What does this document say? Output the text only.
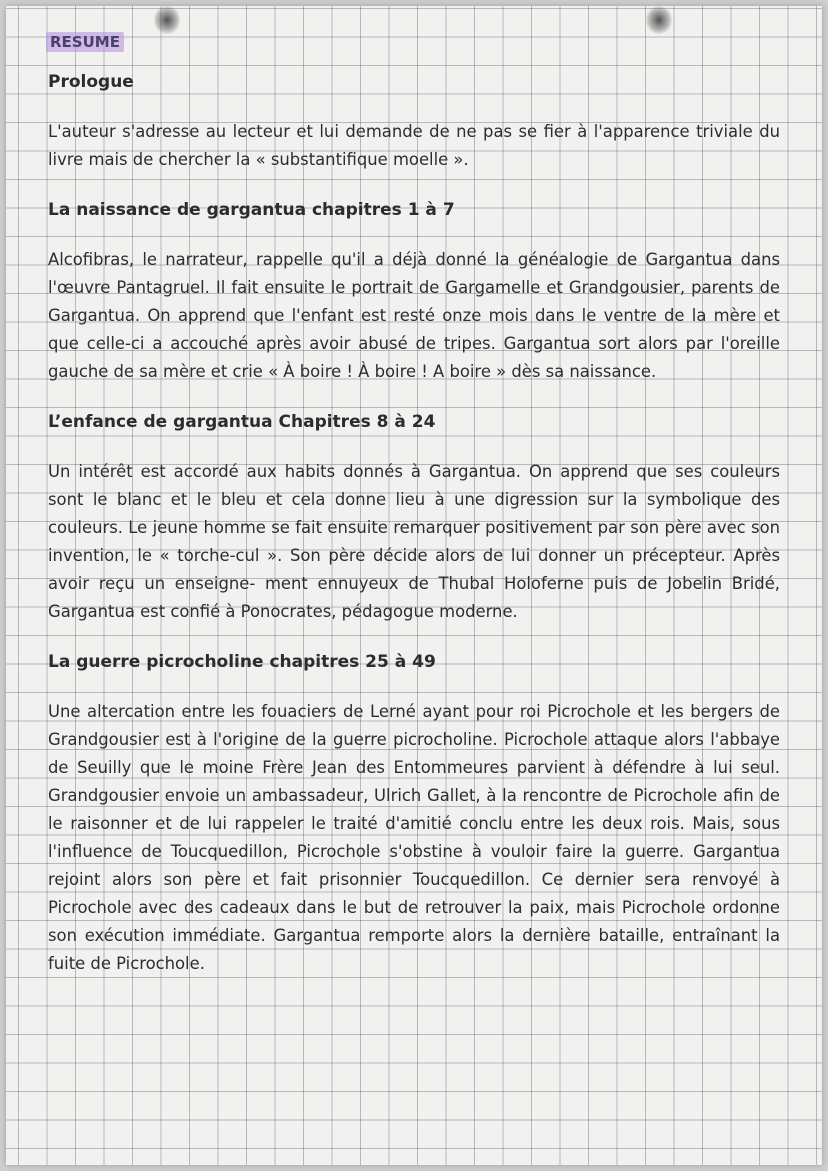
RESUME
Prologue

L'auteur s'adresse au lecteur et lui demande de ne pas se fier à l'apparence triviale du livre mais de chercher la « substantifique moelle ».

La naissance de gargantua chapitres 1 à 7

Alcofibras, le narrateur, rappelle qu'il a déjà donné la généalogie de Gargantua dans l'œuvre Pantagruel. Il fait ensuite le portrait de Gargamelle et Grandgousier, parents de Gargantua. On apprend que l'enfant est resté onze mois dans le ventre de la mère et que celle-ci a accouché après avoir abusé de tripes. Gargantua sort alors par l'oreille gauche de sa mère et crie « À boire ! À boire ! A boire » dès sa naissance.

L’enfance de gargantua Chapitres 8 à 24

Un intérêt est accordé aux habits donnés à Gargantua. On apprend que ses couleurs sont le blanc et le bleu et cela donne lieu à une digression sur la symbolique des couleurs. Le jeune homme se fait ensuite remarquer positivement par son père avec son invention, le « torche-cul ». Son père décide alors de lui donner un précepteur. Après avoir reçu un enseigne- ment ennuyeux de Thubal Holoferne puis de Jobelin Bridé, Gargantua est confié à Ponocrates, pédagogue moderne.

La guerre picrocholine chapitres 25 à 49

Une altercation entre les fouaciers de Lerné ayant pour roi Picrochole et les bergers de Grandgousier est à l'origine de la guerre picrocholine. Picrochole attaque alors l'abbaye de Seuilly que le moine Frère Jean des Entommeures parvient à défendre à lui seul. Grandgousier envoie un ambassadeur, Ulrich Gallet, à la rencontre de Picrochole afin de le raisonner et de lui rappeler le traité d'amitié conclu entre les deux rois. Mais, sous l'influence de Toucquedillon, Picrochole s'obstine à vouloir faire la guerre. Gargantua rejoint alors son père et fait prisonnier Toucquedillon. Ce dernier sera renvoyé à Picrochole avec des cadeaux dans le but de retrouver la paix, mais Picrochole ordonne son exécution immédiate. Gargantua remporte alors la dernière bataille, entraînant la fuite de Picrochole.
